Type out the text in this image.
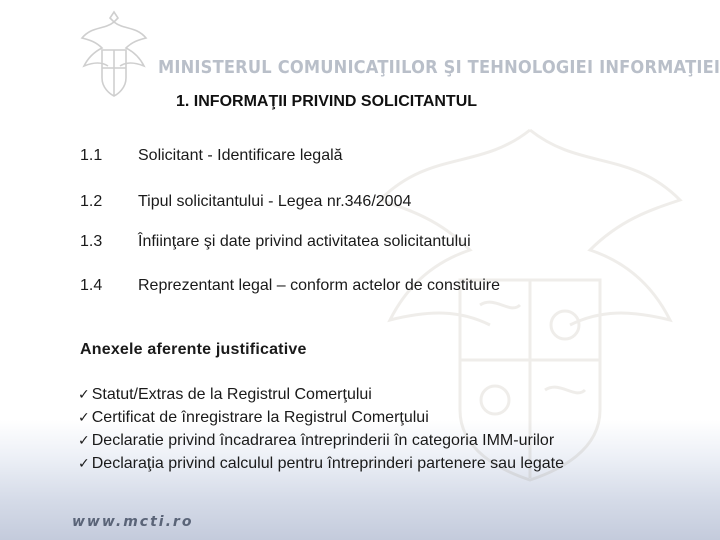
MINISTERUL COMUNICAŢIILOR ŞI TEHNOLOGIEI INFORMAŢIEI
1. INFORMAŢII PRIVIND SOLICITANTUL
1.1 Solicitant - Identificare legală
1.2 Tipul solicitantului - Legea nr.346/2004
1.3 Înfiinţare şi date privind activitatea solicitantului
1.4 Reprezentant legal – conform actelor de constituire
Anexele aferente justificative
✓ Statut/Extras de la Registrul Comerţului
✓ Certificat de înregistrare la Registrul Comerţului
✓ Declaratie privind încadrarea întreprinderii în categoria IMM-urilor
✓ Declaraţia privind calculul pentru întreprinderi partenere sau legate
www.mcti.ro
